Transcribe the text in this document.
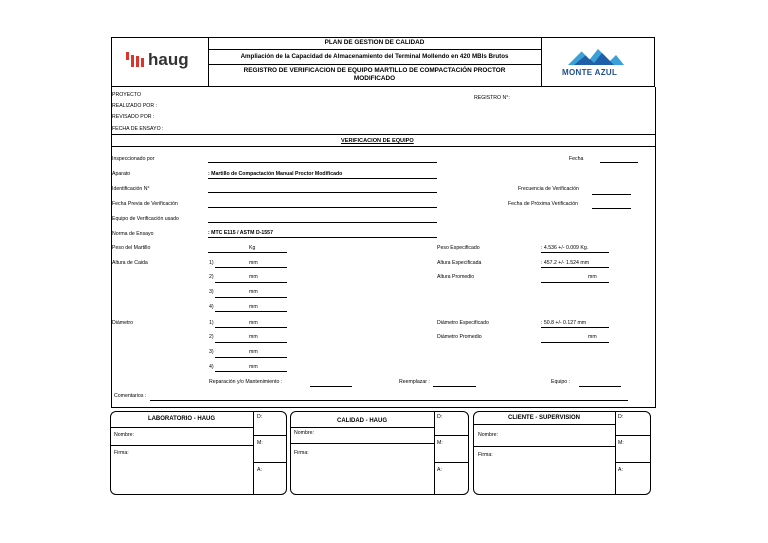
haug
PLAN DE GESTION DE CALIDAD
Ampliación de la Capacidad de Almacenamiento del Terminal Mollendo en 420 MBls Brutos
REGISTRO DE VERIFICACION DE EQUIPO MARTILLO DE COMPACTACIÓN PROCTOR MODIFICADO
MONTE AZUL
PROYECTO
REALIZADO POR :
REVISADO POR :
FECHA DE ENSAYO :
REGISTRO N°:
VERIFICACION DE EQUIPO
Inspeccionado por	Fecha
Aparato	: Martillo de Compactación Manual Proctor Modificado
Identificación N°	Frecuencia de Verificación
Fecha Previa de Verificación	Fecha de Próxima Verificación
Equipo de Verificación usado
Norma de Ensayo	: MTC E115 / ASTM D-1557
Peso del Martillo	Kg	Peso Especificado	: 4.536 +/- 0.009 Kg.
Altura de Caida	1)	mm	Altura Especificada	: 457.2 +/- 1.524 mm
2)	mm	Altura Promedio	mm
3)	mm
4)	mm
Diámetro	1)	mm	Diámetro Especificado	: 50.8 +/- 0.127 mm
2)	mm	Diámetro Promedio	mm
3)	mm
4)	mm
Reparación y/o Mantenimiento :	Reemplazar :	Equipo :
Comentarios :
LABORATORIO - HAUG
Nombre:
Firma:
D:
M:
A:
CALIDAD - HAUG
Nombre:
Firma:
D:
M:
A:
CLIENTE - SUPERVISION
Nombre:
Firma:
D:
M:
A:
